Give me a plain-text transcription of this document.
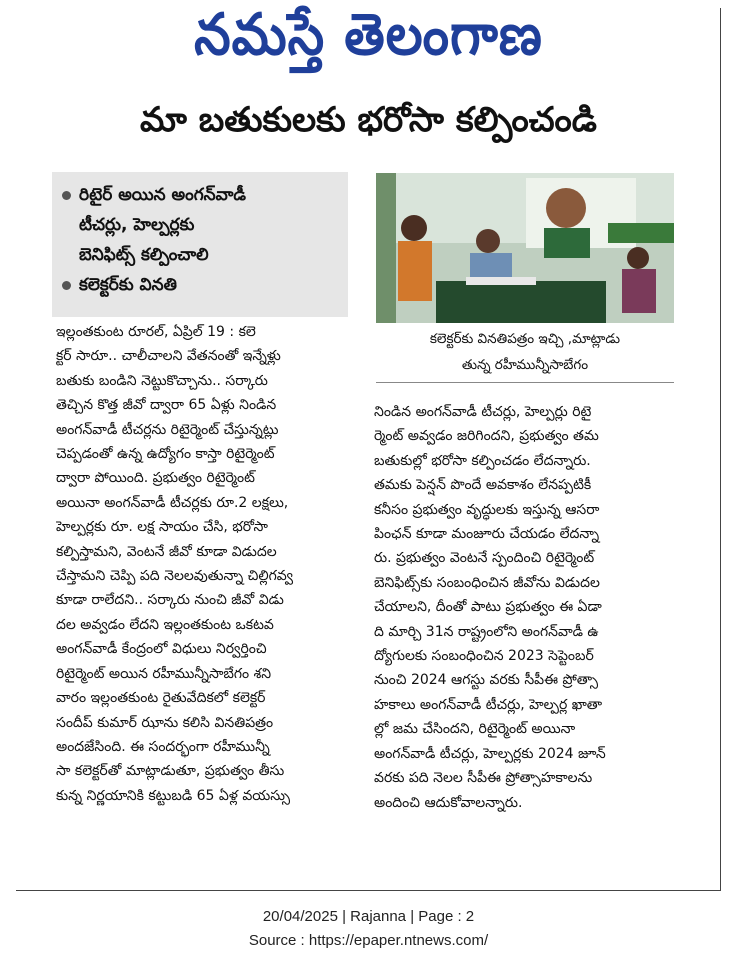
నమస్తే తెలంగాణ
మా బతుకులకు భరోసా కల్పించండి
రిటైర్ అయిన అంగన్‌వాడీ
టీచర్లు, హెల్పర్లకు
బెనిఫిట్స్ కల్పించాలి
కలెక్టర్‌కు వినతి
కలెక్టర్‌కు వినతిపత్రం ఇచ్చి ,మాట్లాడు
తున్న రహీమున్నీసాబేగం

ఇల్లంతకుంట రూరల్, ఏప్రిల్ 19 : కలె

క్టర్ సారూ.. చాలీచాలని వేతనంతో ఇన్నేళ్లు

బతుకు బండిని నెట్టుకొచ్చాను.. సర్కారు

తెచ్చిన కొత్త జీవో ద్వారా 65 ఏళ్లు నిండిన

అంగన్‌వాడీ టీచర్లను రిటైర్మెంట్ చేస్తున్నట్లు

చెప్పడంతో ఉన్న ఉద్యోగం కాస్తా రిటైర్మెంట్

ద్వారా పోయింది. ప్రభుత్వం రిటైర్మెంట్

అయినా అంగన్‌వాడీ టీచర్లకు రూ.2 లక్షలు,

హెల్పర్లకు రూ. లక్ష సాయం చేసి, భరోసా

కల్పిస్తామని, వెంటనే జీవో కూడా విడుదల

చేస్తామని చెప్పి పది నెలలవుతున్నా చిల్లిగవ్వ

కూడా రాలేదని.. సర్కారు నుంచి జీవో విడు

దల అవ్వడం లేదని ఇల్లంతకుంట ఒకటవ

అంగన్‌వాడీ కేంద్రంలో విధులు నిర్వర్తించి

రిటైర్మెంట్ అయిన రహీమున్నీసాబేగం శని

వారం ఇల్లంతకుంట రైతువేదికలో కలెక్టర్

సందీప్ కుమార్ ఝాను కలిసి వినతిపత్రం

అందజేసింది. ఈ సందర్భంగా రహీమున్నీ

సా కలెక్టర్‌తో మాట్లాడుతూ, ప్రభుత్వం తీసు

కున్న నిర్ణయానికి కట్టుబడి 65 ఏళ్ల వయస్సు

నిండిన అంగన్‌వాడీ టీచర్లు, హెల్పర్లు రిటై

ర్మెంట్ అవ్వడం జరిగిందని, ప్రభుత్వం తమ

బతుకుల్లో భరోసా కల్పించడం లేదన్నారు.

తమకు పెన్షన్ పొందే అవకాశం లేనప్పటికీ

కనీసం ప్రభుత్వం వృద్ధులకు ఇస్తున్న ఆసరా

పింఛన్ కూడా మంజూరు చేయడం లేదన్నా

రు. ప్రభుత్వం వెంటనే స్పందించి రిటైర్మెంట్

బెనిఫిట్స్‌కు సంబంధించిన జీవోను విడుదల

చేయాలని, దీంతో పాటు ప్రభుత్వం ఈ ఏడా

ది మార్చి 31న రాష్ట్రంలోని అంగన్‌వాడీ ఉ

ద్యోగులకు సంబంధించిన 2023 సెప్టెంబర్

నుంచి 2024 ఆగస్టు వరకు సీపీఈ ప్రోత్సా

హకాలు అంగన్‌వాడీ టీచర్లు, హెల్పర్ల ఖాతా

ల్లో జమ చేసిందని, రిటైర్మెంట్ అయినా

అంగన్‌వాడీ టీచర్లు, హెల్పర్లకు 2024 జూన్

వరకు పది నెలల సీపీఈ ప్రోత్సాహకాలను

అందించి ఆదుకోవాలన్నారు.

20/04/2025 | Rajanna | Page : 2
Source : https://epaper.ntnews.com/
